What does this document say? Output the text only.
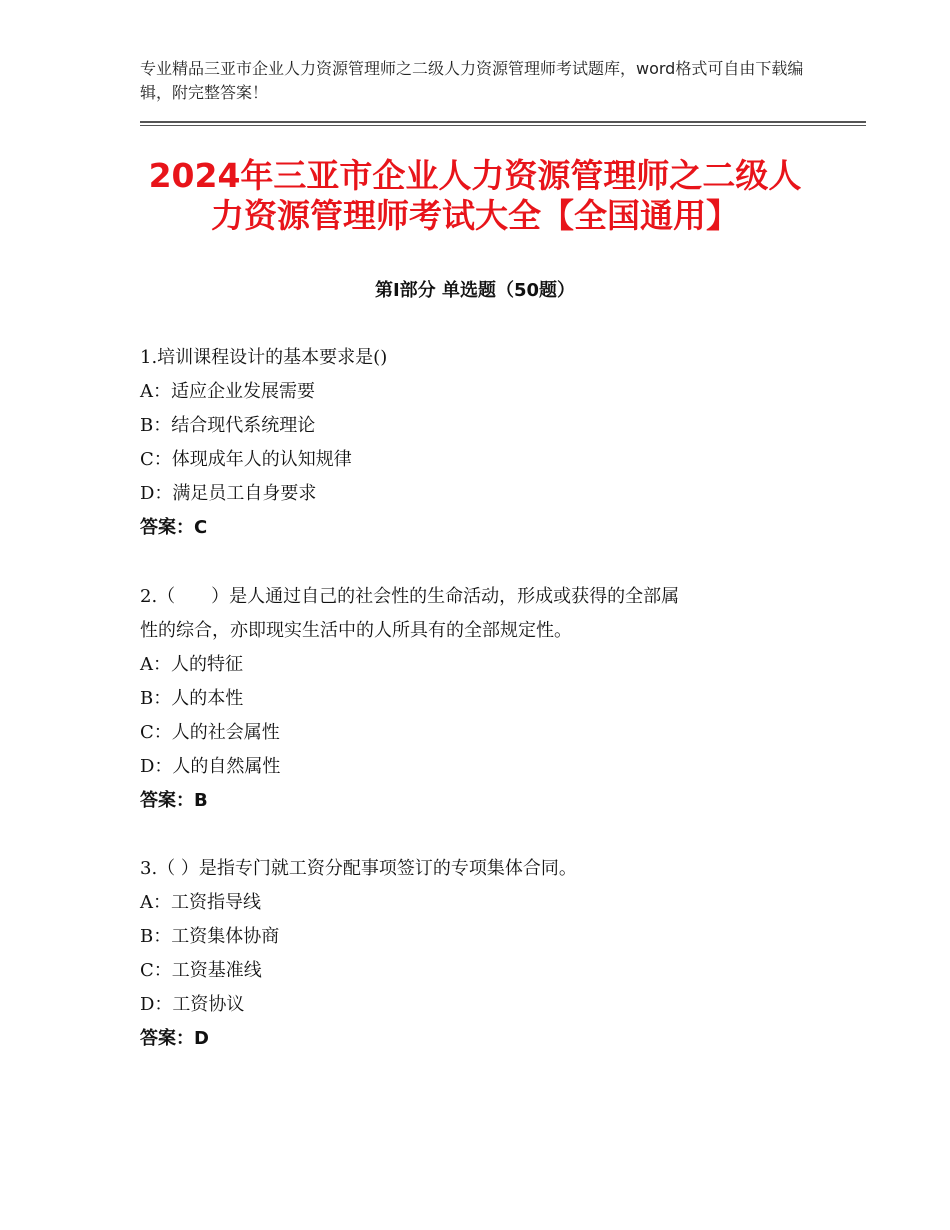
专业精品三亚市企业人力资源管理师之二级人力资源管理师考试题库，word格式可自由下载编辑，附完整答案！
2024年三亚市企业人力资源管理师之二级人
力资源管理师考试大全【全国通用】
第Ⅰ部分 单选题（50题）
1.培训课程设计的基本要求是()
A：适应企业发展需要
B：结合现代系统理论
C：体现成年人的认知规律
D：满足员工自身要求
答案：C
2.（　　）是人通过自己的社会性的生命活动，形成或获得的全部属
性的综合，亦即现实生活中的人所具有的全部规定性。
A：人的特征
B：人的本性
C：人的社会属性
D：人的自然属性
答案：B
3.（ ）是指专门就工资分配事项签订的专项集体合同。
A：工资指导线
B：工资集体协商
C：工资基准线
D：工资协议
答案：D
